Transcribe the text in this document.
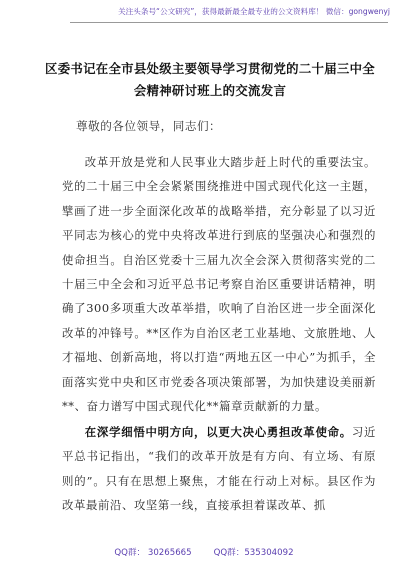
关注头条号“公文研究”，获得最新最全最专业的公文资料库！ 微信：gongwenyj
区委书记在全市县处级主要领导学习贯彻党的二十届三中全会精神研讨班上的交流发言
尊敬的各位领导，同志们：
改革开放是党和人民事业大踏步赶上时代的重要法宝。党的二十届三中全会紧紧围绕推进中国式现代化这一主题，擘画了进一步全面深化改革的战略举措，充分彰显了以习近平同志为核心的党中央将改革进行到底的坚强决心和强烈的使命担当。自治区党委十三届九次全会深入贯彻落实党的二十届三中全会和习近平总书记考察自治区重要讲话精神，明确了300多项重大改革举措，吹响了自治区进一步全面深化改革的冲锋号。**区作为自治区老工业基地、文旅胜地、人才福地、创新高地，将以打造“两地五区一中心”为抓手，全面落实党中央和区市党委各项决策部署，为加快建设美丽新**、奋力谱写中国式现代化**篇章贡献新的力量。
在深学细悟中明方向，以更大决心勇担改革使命。习近平总书记指出，“我们的改革开放是有方向、有立场、有原则的”。只有在思想上聚焦，才能在行动上对标。县区作为改革最前沿、攻坚第一线，直接承担着谋改革、抓
QQ群： 30265665	QQ群：535304092
